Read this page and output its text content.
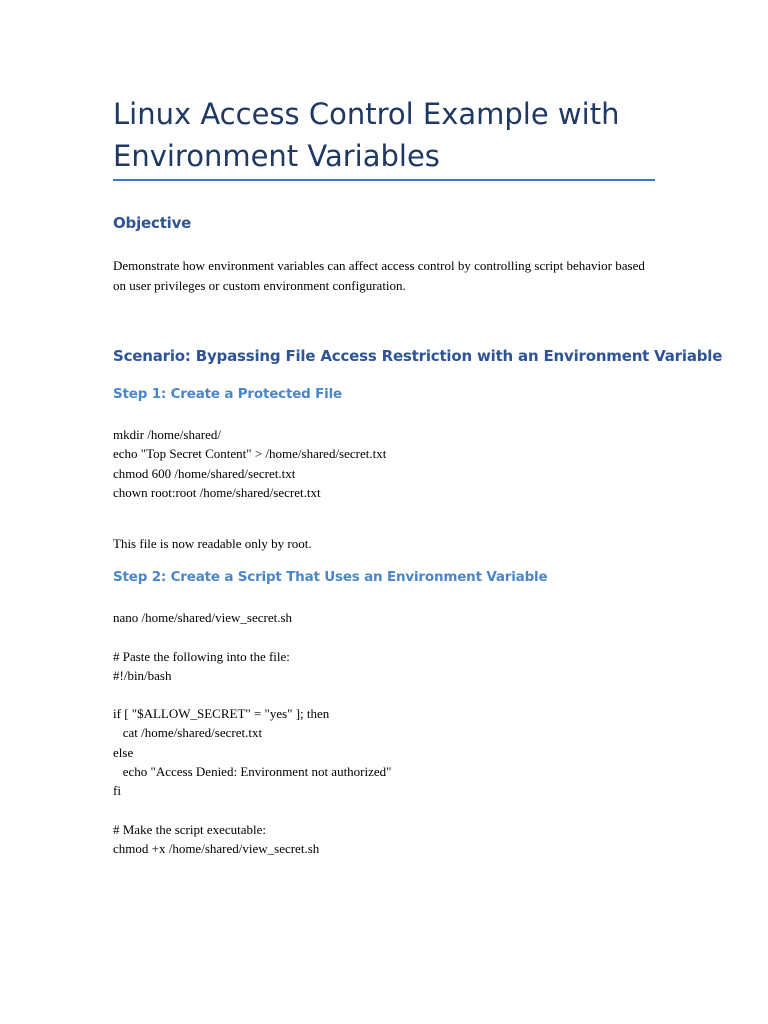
Linux Access Control Example with Environment Variables
Objective

Demonstrate how environment variables can affect access control by controlling script behavior based on user privileges or custom environment configuration.

Scenario: Bypassing File Access Restriction with an Environment Variable
Step 1: Create a Protected File
mkdir /home/shared/
echo "Top Secret Content" > /home/shared/secret.txt
chmod 600 /home/shared/secret.txt
chown root:root /home/shared/secret.txt

This file is now readable only by root.

Step 2: Create a Script That Uses an Environment Variable
nano /home/shared/view_secret.sh
# Paste the following into the file:
#!/bin/bash
if [ "$ALLOW_SECRET" = "yes" ]; then
cat /home/shared/secret.txt
else
echo "Access Denied: Environment not authorized"
fi
# Make the script executable:
chmod +x /home/shared/view_secret.sh
